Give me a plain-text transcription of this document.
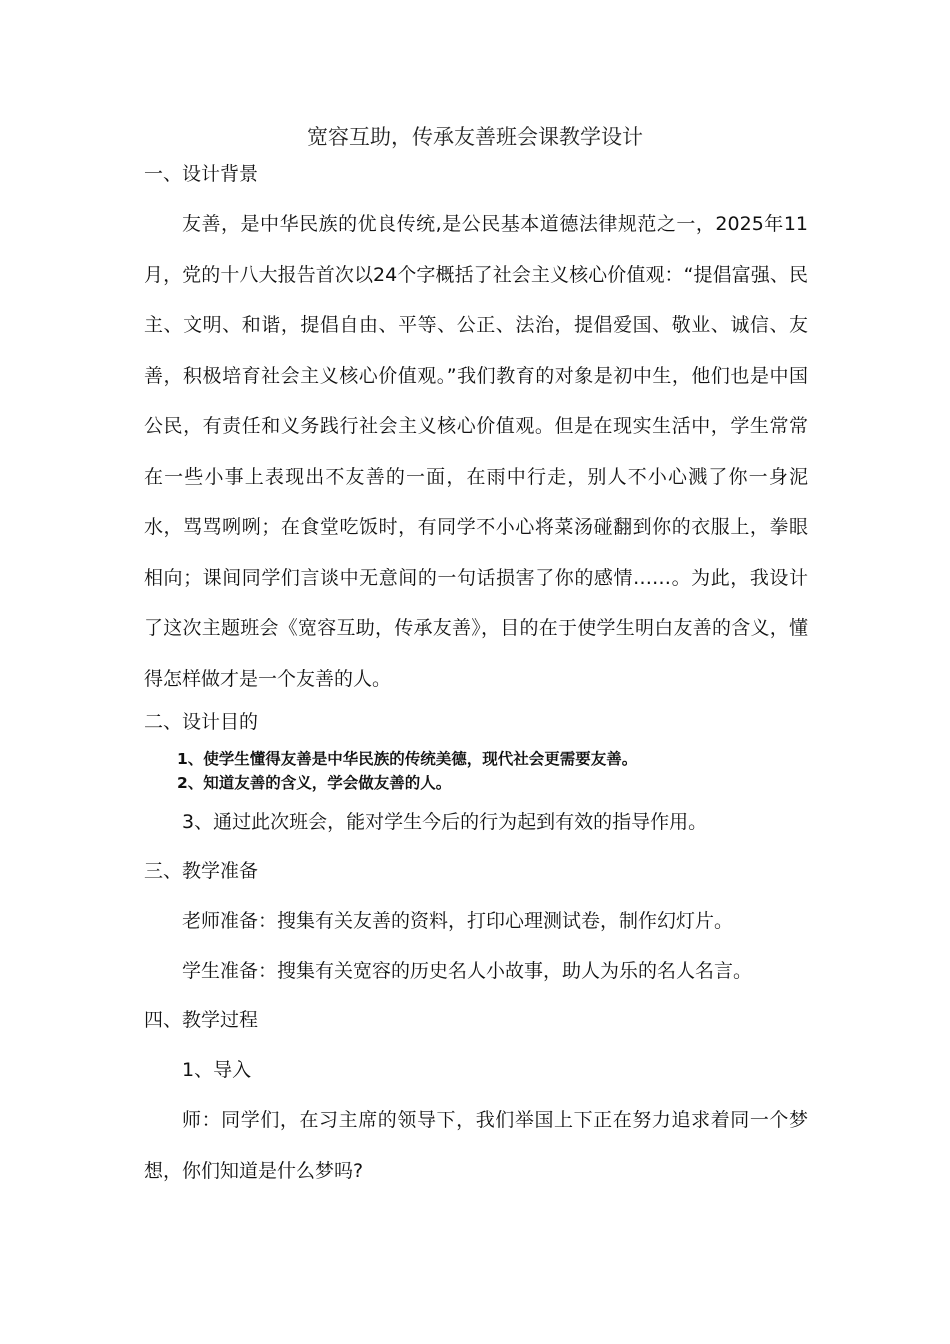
宽容互助，传承友善班会课教学设计
一、设计背景

友善，是中华民族的优良传统,是公民基本道德法律规范之一，2025年11月，党的十八大报告首次以24个字概括了社会主义核心价值观：“提倡富强、民主、文明、和谐，提倡自由、平等、公正、法治，提倡爱国、敬业、诚信、友善，积极培育社会主义核心价值观。”我们教育的对象是初中生，他们也是中国公民，有责任和义务践行社会主义核心价值观。但是在现实生活中，学生常常在一些小事上表现出不友善的一面，在雨中行走，别人不小心溅了你一身泥水，骂骂咧咧；在食堂吃饭时，有同学不小心将菜汤碰翻到你的衣服上，拳眼相向；课间同学们言谈中无意间的一句话损害了你的感情……。为此，我设计了这次主题班会《宽容互助，传承友善》，目的在于使学生明白友善的含义，懂得怎样做才是一个友善的人。

二、设计目的
1、使学生懂得友善是中华民族的传统美德，现代社会更需要友善。
2、知道友善的含义，学会做友善的人。
3、通过此次班会，能对学生今后的行为起到有效的指导作用。
三、教学准备
老师准备：搜集有关友善的资料，打印心理测试卷，制作幻灯片。
学生准备：搜集有关宽容的历史名人小故事，助人为乐的名人名言。
四、教学过程
1、导入

师：同学们，在习主席的领导下，我们举国上下正在努力追求着同一个梦想，你们知道是什么梦吗?
